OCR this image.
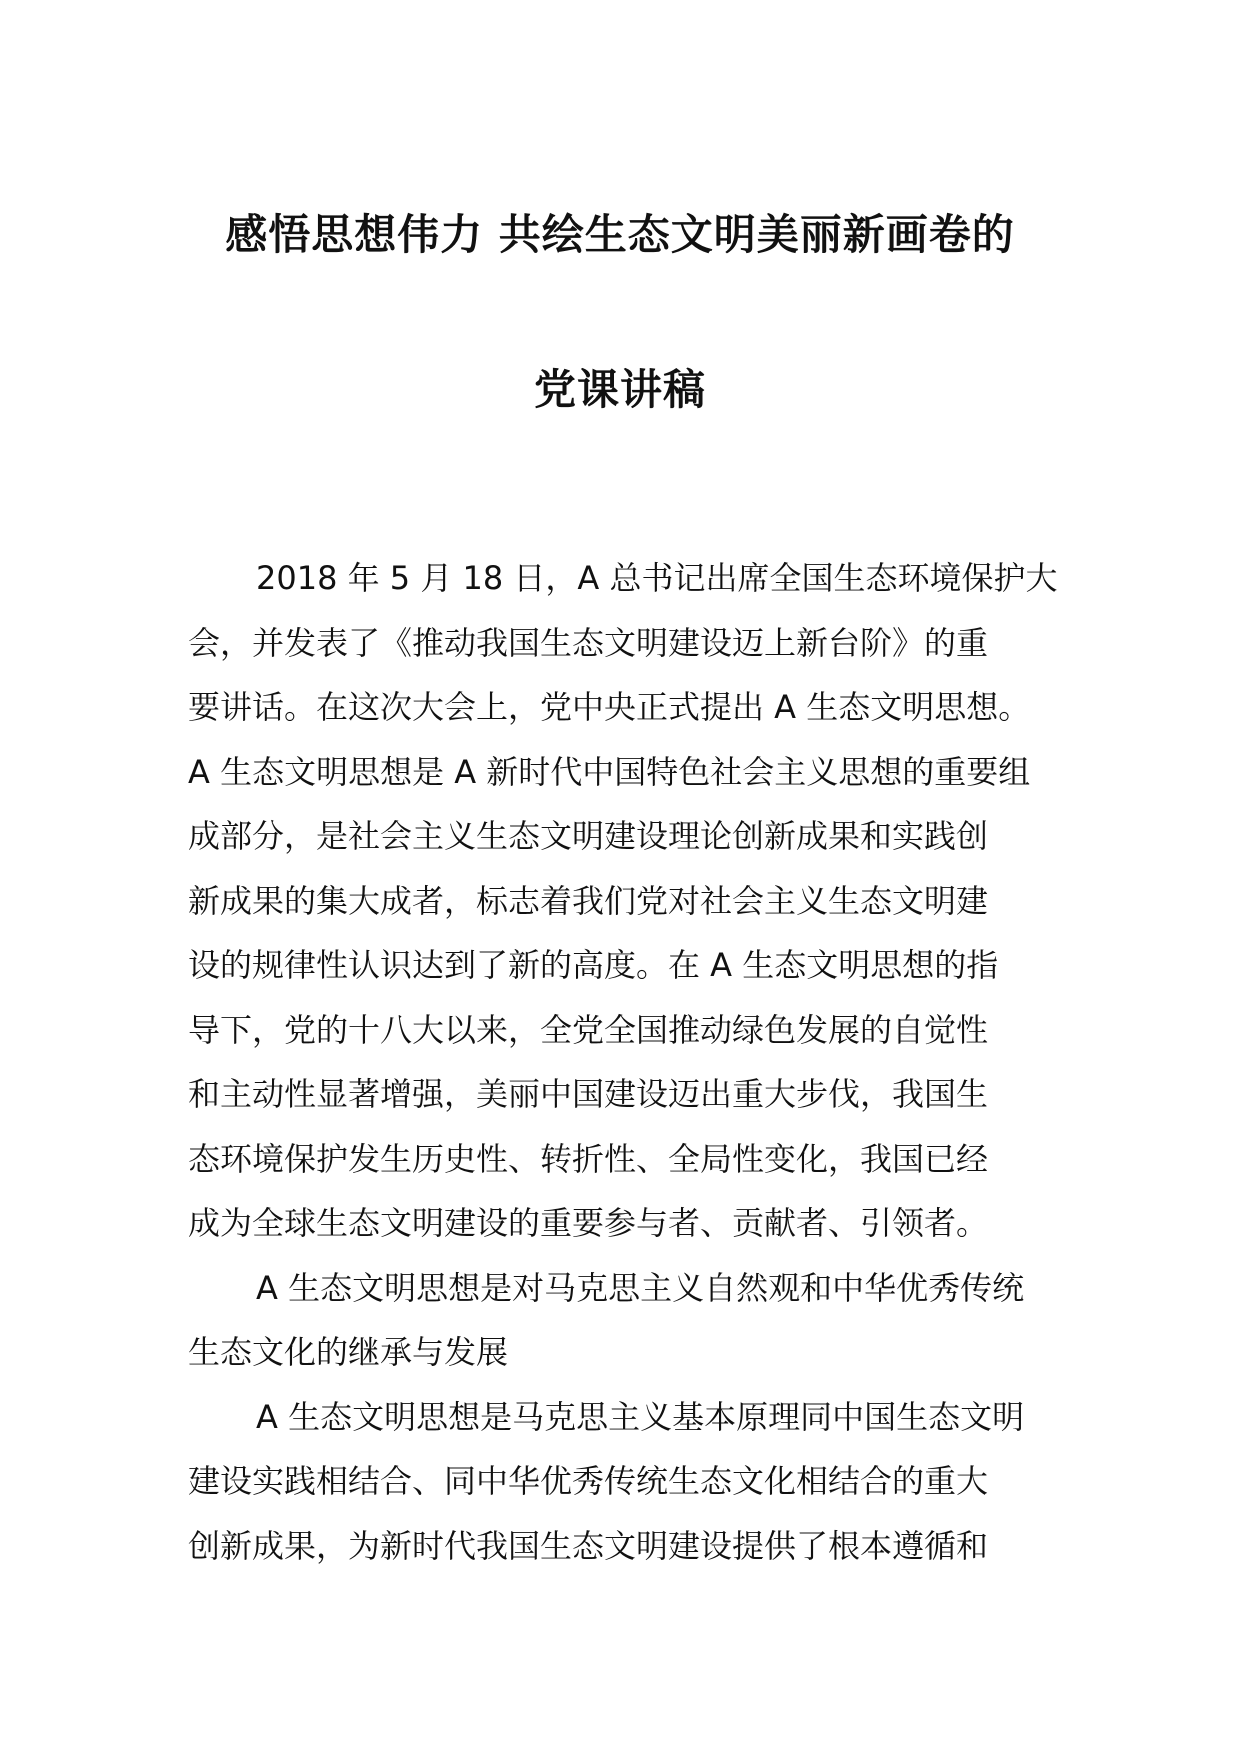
感悟思想伟力 共绘生态文明美丽新画卷的
党课讲稿
2018 年 5 月 18 日，A 总书记出席全国生态环境保护大
会，并发表了《推动我国生态文明建设迈上新台阶》的重
要讲话。在这次大会上，党中央正式提出 A 生态文明思想。
A 生态文明思想是 A 新时代中国特色社会主义思想的重要组
成部分，是社会主义生态文明建设理论创新成果和实践创
新成果的集大成者，标志着我们党对社会主义生态文明建
设的规律性认识达到了新的高度。在 A 生态文明思想的指
导下，党的十八大以来，全党全国推动绿色发展的自觉性
和主动性显著增强，美丽中国建设迈出重大步伐，我国生
态环境保护发生历史性、转折性、全局性变化，我国已经
成为全球生态文明建设的重要参与者、贡献者、引领者。
A 生态文明思想是对马克思主义自然观和中华优秀传统
生态文化的继承与发展
A 生态文明思想是马克思主义基本原理同中国生态文明
建设实践相结合、同中华优秀传统生态文化相结合的重大
创新成果，为新时代我国生态文明建设提供了根本遵循和
